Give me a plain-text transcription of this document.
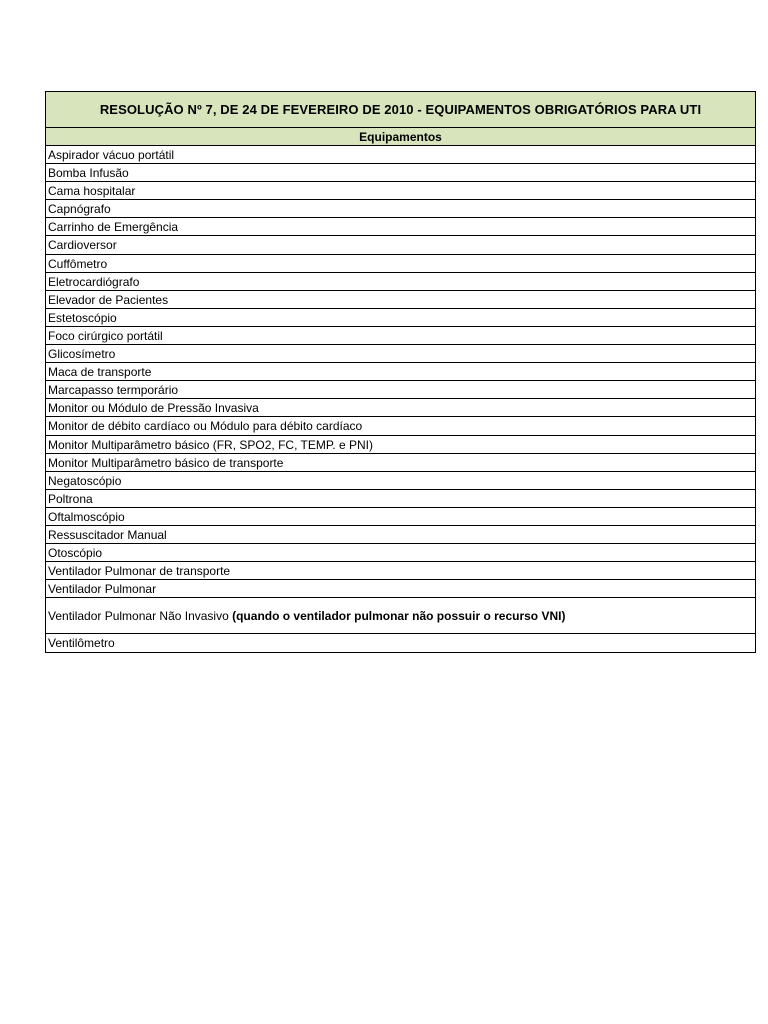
RESOLUÇÃO Nº 7, DE 24 DE FEVEREIRO DE 2010 - EQUIPAMENTOS OBRIGATÓRIOS PARA UTI
Equipamentos
Aspirador vácuo portátil
Bomba Infusão
Cama hospitalar
Capnógrafo
Carrinho de Emergência
Cardioversor
Cuffômetro
Eletrocardiógrafo
Elevador de Pacientes
Estetoscópio
Foco cirúrgico portátil
Glicosímetro
Maca de transporte
Marcapasso termporário
Monitor ou Módulo de Pressão Invasiva
Monitor de débito cardíaco ou Módulo para débito cardíaco
Monitor Multiparâmetro básico (FR, SPO2, FC, TEMP. e PNI)
Monitor Multiparâmetro básico de transporte
Negatoscópio
Poltrona
Oftalmoscópio
Ressuscitador Manual
Otoscópio
Ventilador Pulmonar de transporte
Ventilador Pulmonar
Ventilador Pulmonar Não Invasivo (quando o ventilador pulmonar não possuir o recurso VNI)
Ventilômetro
